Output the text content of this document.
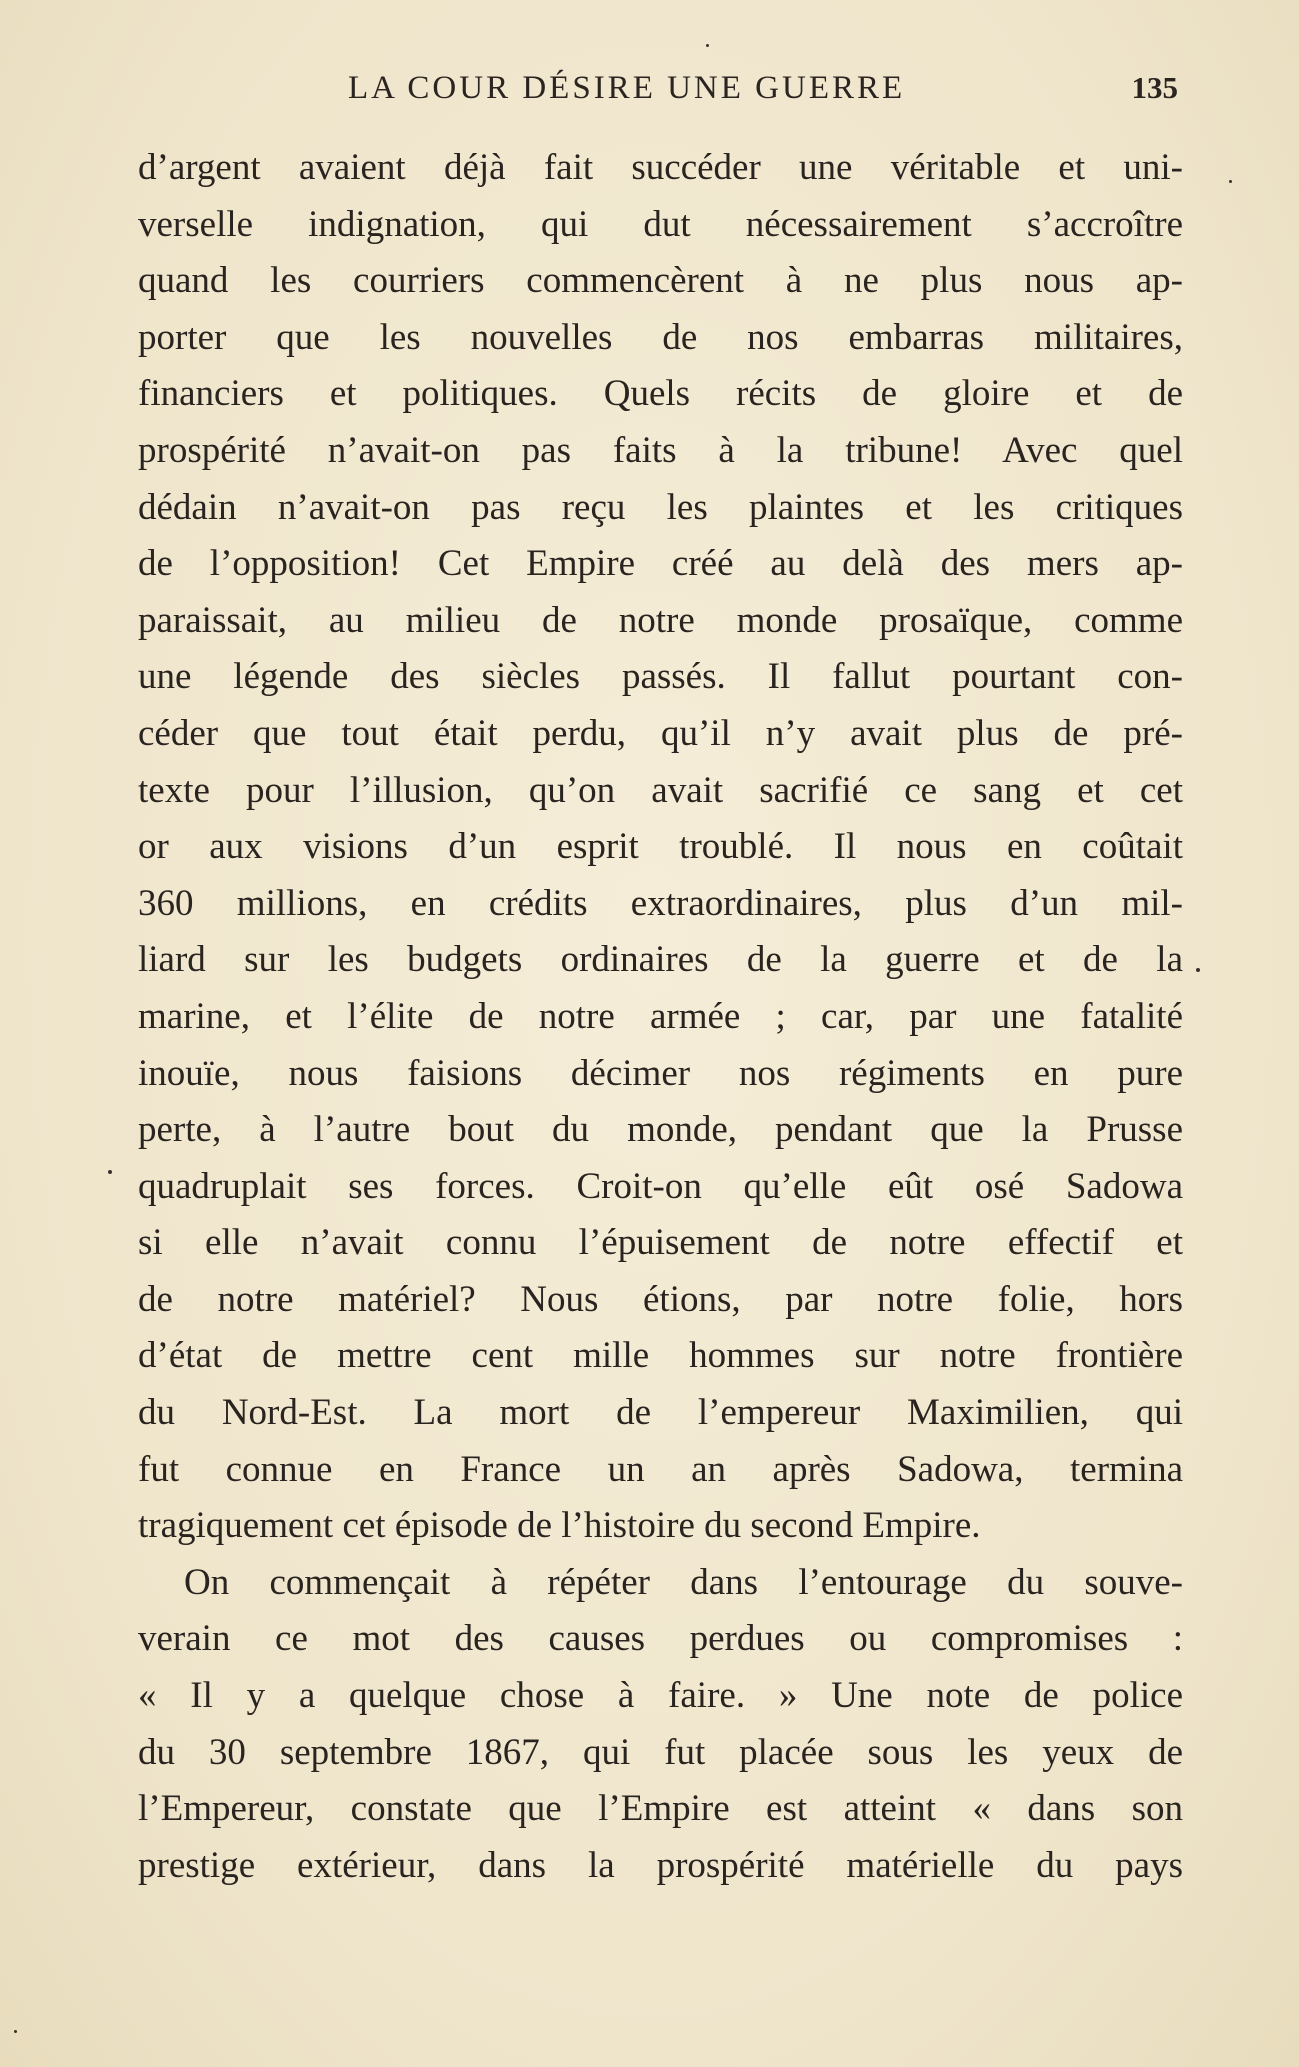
LA COUR DÉSIRE UNE GUERRE	135
d’argent avaient déjà fait succéder une véritable et uni-
verselle indignation, qui dut nécessairement s’accroître
quand les courriers commencèrent à ne plus nous ap-
porter que les nouvelles de nos embarras militaires,
financiers et politiques. Quels récits de gloire et de
prospérité n’avait-on pas faits à la tribune! Avec quel
dédain n’avait-on pas reçu les plaintes et les critiques
de l’opposition! Cet Empire créé au delà des mers ap-
paraissait, au milieu de notre monde prosaïque, comme
une légende des siècles passés. Il fallut pourtant con-
céder que tout était perdu, qu’il n’y avait plus de pré-
texte pour l’illusion, qu’on avait sacrifié ce sang et cet
or aux visions d’un esprit troublé. Il nous en coûtait
360 millions, en crédits extraordinaires, plus d’un mil-
liard sur les budgets ordinaires de la guerre et de la
marine, et l’élite de notre armée ; car, par une fatalité
inouïe, nous faisions décimer nos régiments en pure
perte, à l’autre bout du monde, pendant que la Prusse
quadruplait ses forces. Croit-on qu’elle eût osé Sadowa
si elle n’avait connu l’épuisement de notre effectif et
de notre matériel? Nous étions, par notre folie, hors
d’état de mettre cent mille hommes sur notre frontière
du Nord-Est. La mort de l’empereur Maximilien, qui
fut connue en France un an après Sadowa, termina
tragiquement cet épisode de l’histoire du second Empire.
On commençait à répéter dans l’entourage du souve-
verain ce mot des causes perdues ou compromises :
« Il y a quelque chose à faire. » Une note de police
du 30 septembre 1867, qui fut placée sous les yeux de
l’Empereur, constate que l’Empire est atteint « dans son
prestige extérieur, dans la prospérité matérielle du pays
